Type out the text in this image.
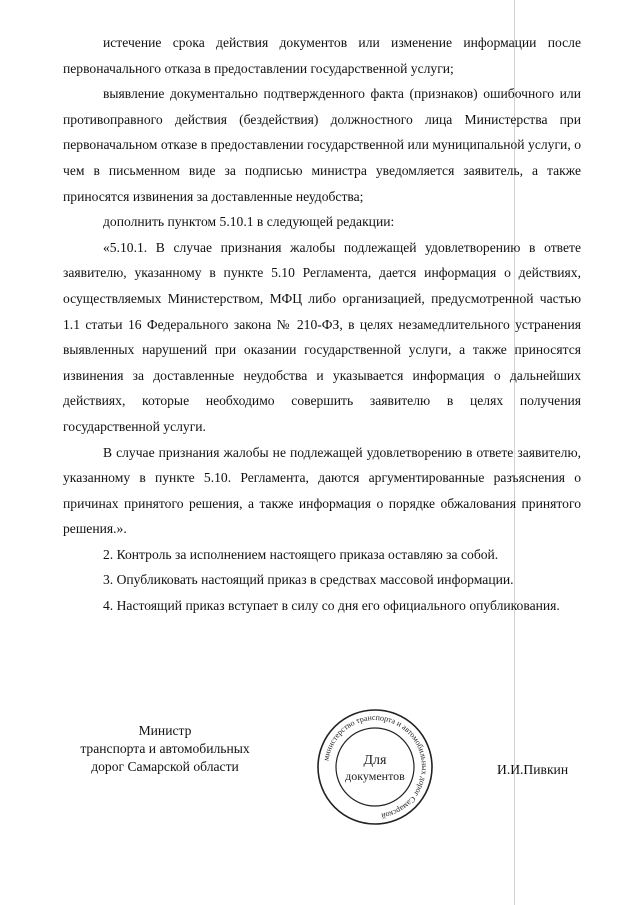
истечение срока действия документов или изменение информации после первоначального отказа в предоставлении государственной услуги;

выявление документально подтвержденного факта (признаков) ошибочного или противоправного действия (бездействия) должностного лица Министерства при первоначальном отказе в предоставлении государственной или муниципальной услуги, о чем в письменном виде за подписью министра уведомляется заявитель, а также приносятся извинения за доставленные неудобства;

дополнить пунктом 5.10.1 в следующей редакции:

«5.10.1. В случае признания жалобы подлежащей удовлетворению в ответе заявителю, указанному в пункте 5.10 Регламента, дается информация о действиях, осуществляемых Министерством, МФЦ либо организацией, предусмотренной частью 1.1 статьи 16 Федерального закона № 210-ФЗ, в целях незамедлительного устранения выявленных нарушений при оказании государственной услуги, а также приносятся извинения за доставленные неудобства и указывается информация о дальнейших действиях, которые необходимо совершить заявителю в целях получения государственной услуги.

В случае признания жалобы не подлежащей удовлетворению в ответе заявителю, указанному в пункте 5.10. Регламента, даются аргументированные разъяснения о причинах принятого решения, а также информация о порядке обжалования принятого решения.».

2. Контроль за исполнением настоящего приказа оставляю за собой.

3. Опубликовать настоящий приказ в средствах массовой информации.

4. Настоящий приказ вступает в силу со дня его официального опубликования.

Министр
транспорта и автомобильных
дорог Самарской области
министерство транспорта и автомобильных дорог Самарской
Для
документов	И.И.Пивкин
